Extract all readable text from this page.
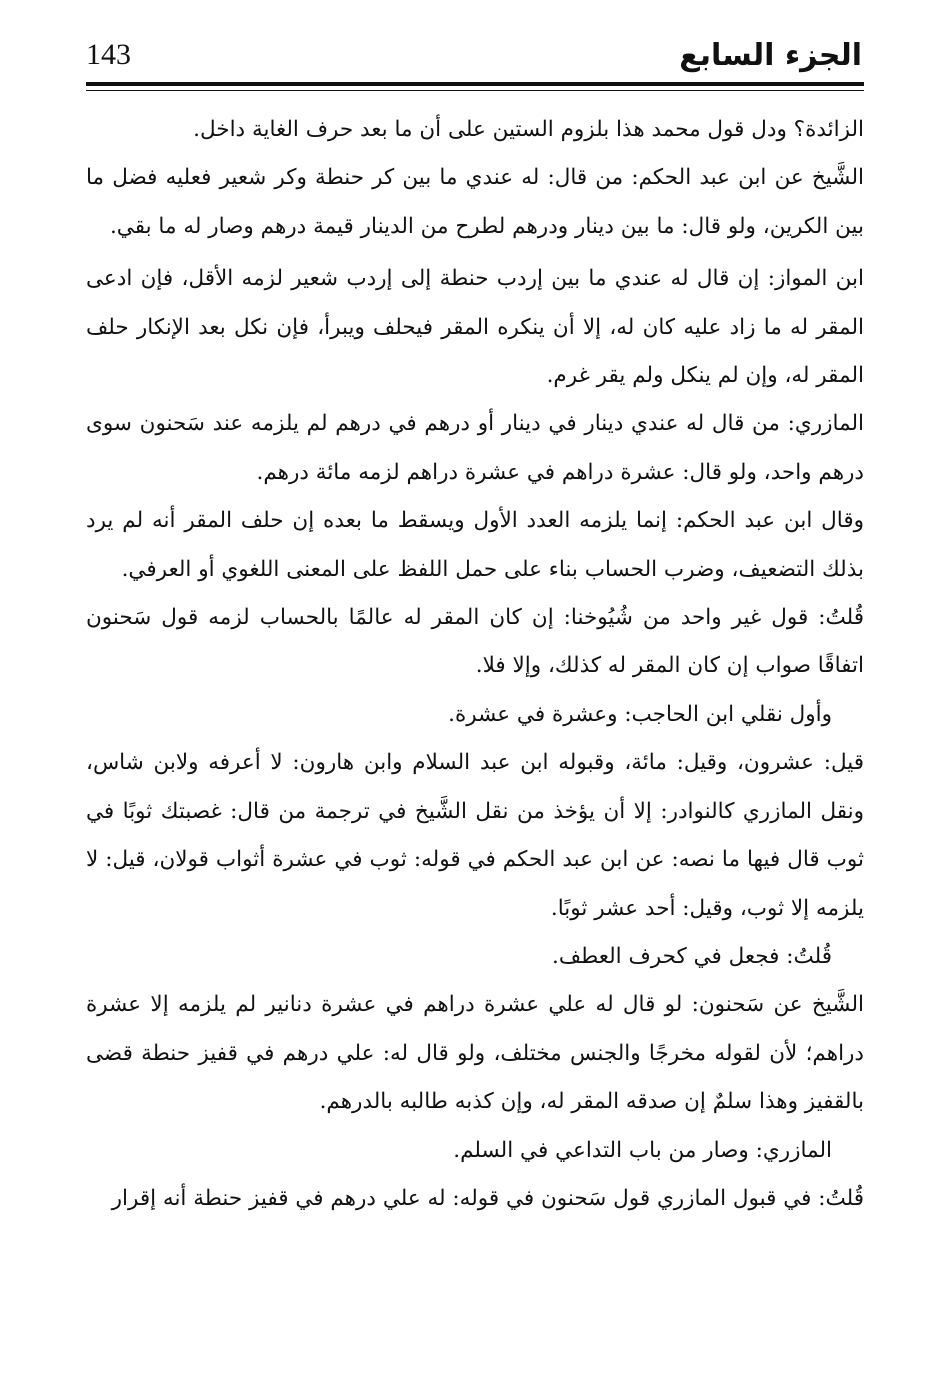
143	الجزء السابع

الزائدة؟ ودل قول محمد هذا بلزوم الستين على أن ما بعد حرف الغاية داخل.

الشَّيخ عن ابن عبد الحكم: من قال: له عندي ما بين كر حنطة وكر شعير فعليه فضل ما بين الكرين، ولو قال: ما بين دينار ودرهم لطرح من الدينار قيمة درهم وصار له ما بقي.

ابن المواز: إن قال له عندي ما بين إردب حنطة إلى إردب شعير لزمه الأقل، فإن ادعى المقر له ما زاد عليه كان له، إلا أن ينكره المقر فيحلف ويبرأ، فإن نكل بعد الإنكار حلف المقر له، وإن لم ينكل ولم يقر غرم.

المازري: من قال له عندي دينار في دينار أو درهم في درهم لم يلزمه عند سَحنون سوى درهم واحد، ولو قال: عشرة دراهم في عشرة دراهم لزمه مائة درهم.

وقال ابن عبد الحكم: إنما يلزمه العدد الأول ويسقط ما بعده إن حلف المقر أنه لم يرد بذلك التضعيف، وضرب الحساب بناء على حمل اللفظ على المعنى اللغوي أو العرفي.

قُلتُ: قول غير واحد من شُيُوخنا: إن كان المقر له عالمًا بالحساب لزمه قول سَحنون اتفاقًا صواب إن كان المقر له كذلك، وإلا فلا.

وأول نقلي ابن الحاجب: وعشرة في عشرة.

قيل: عشرون، وقيل: مائة، وقبوله ابن عبد السلام وابن هارون: لا أعرفه ولابن شاس، ونقل المازري كالنوادر: إلا أن يؤخذ من نقل الشَّيخ في ترجمة من قال: غصبتك ثوبًا في ثوب قال فيها ما نصه: عن ابن عبد الحكم في قوله: ثوب في عشرة أثواب قولان، قيل: لا يلزمه إلا ثوب، وقيل: أحد عشر ثوبًا.

قُلتُ: فجعل في كحرف العطف.

الشَّيخ عن سَحنون: لو قال له علي عشرة دراهم في عشرة دنانير لم يلزمه إلا عشرة دراهم؛ لأن لقوله مخرجًا والجنس مختلف، ولو قال له: علي درهم في قفيز حنطة قضى بالقفيز وهذا سلمٌ إن صدقه المقر له، وإن كذبه طالبه بالدرهم.

المازري: وصار من باب التداعي في السلم.

قُلتُ: في قبول المازري قول سَحنون في قوله: له علي درهم في قفيز حنطة أنه إقرار
